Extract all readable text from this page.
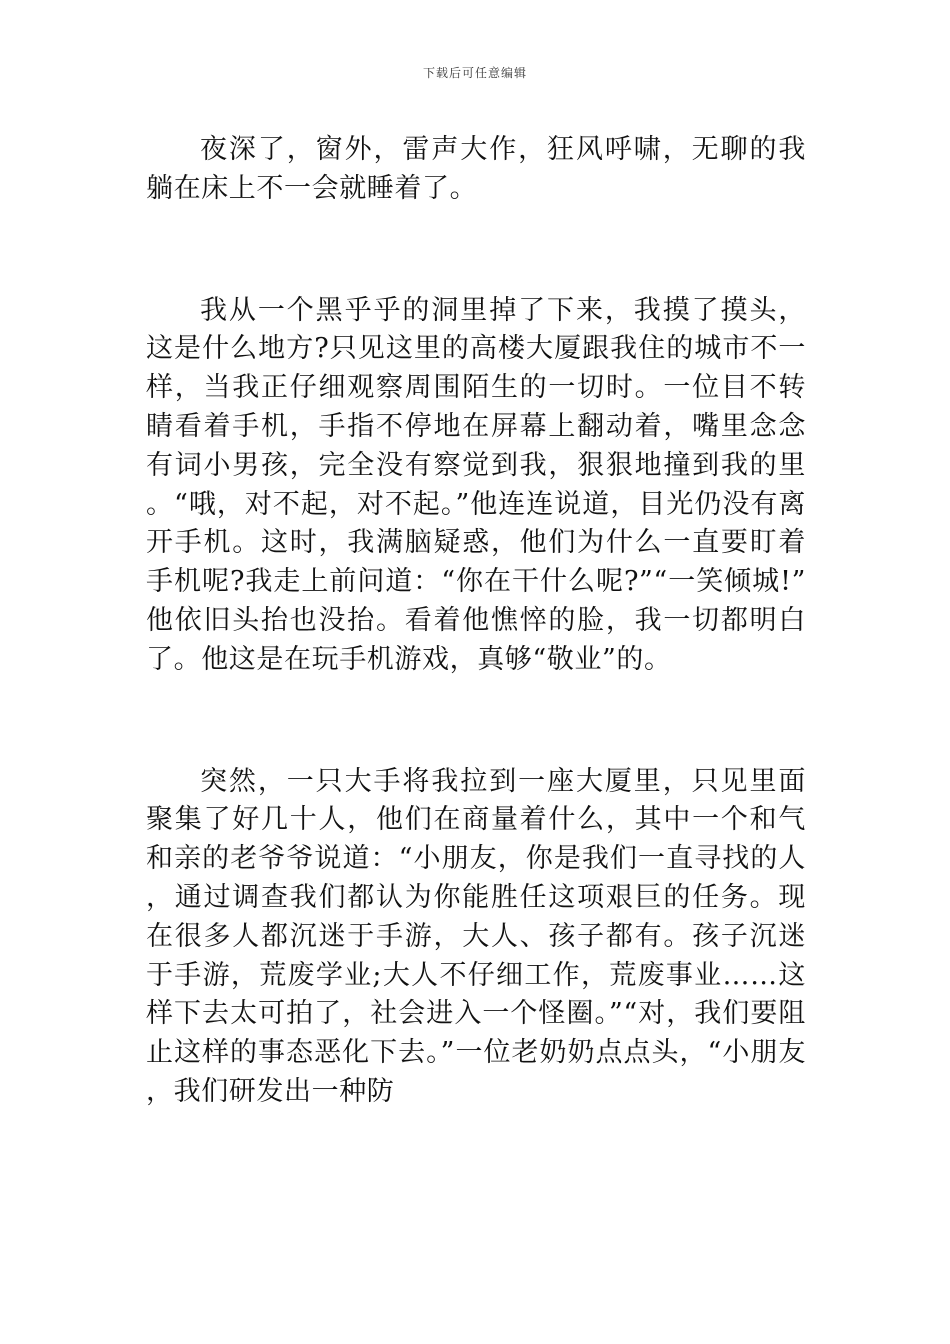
下载后可任意编辑

夜深了，窗外，雷声大作，狂风呼啸，无聊的我躺在床上不一会就睡着了。

我从一个黑乎乎的洞里掉了下来，我摸了摸头，这是什么地方?只见这里的高楼大厦跟我住的城市不一样，当我正仔细观察周围陌生的一切时。一位目不转睛看着手机，手指不停地在屏幕上翻动着，嘴里念念有词小男孩，完全没有察觉到我，狠狠地撞到我的里。“哦，对不起，对不起。”他连连说道，目光仍没有离开手机。这时，我满脑疑惑，他们为什么一直要盯着手机呢?我走上前问道：“你在干什么呢?”“一笑倾城!”他依旧头抬也没抬。看着他憔悴的脸，我一切都明白了。他这是在玩手机游戏，真够“敬业”的。

突然，一只大手将我拉到一座大厦里，只见里面聚集了好几十人，他们在商量着什么，其中一个和气和亲的老爷爷说道：“小朋友，你是我们一直寻找的人，通过调查我们都认为你能胜任这项艰巨的任务。现在很多人都沉迷于手游，大人、孩子都有。孩子沉迷于手游，荒废学业;大人不仔细工作，荒废事业……这样下去太可拍了，社会进入一个怪圈。”“对，我们要阻止这样的事态恶化下去。”一位老奶奶点点头，“小朋友，我们研发出一种防
